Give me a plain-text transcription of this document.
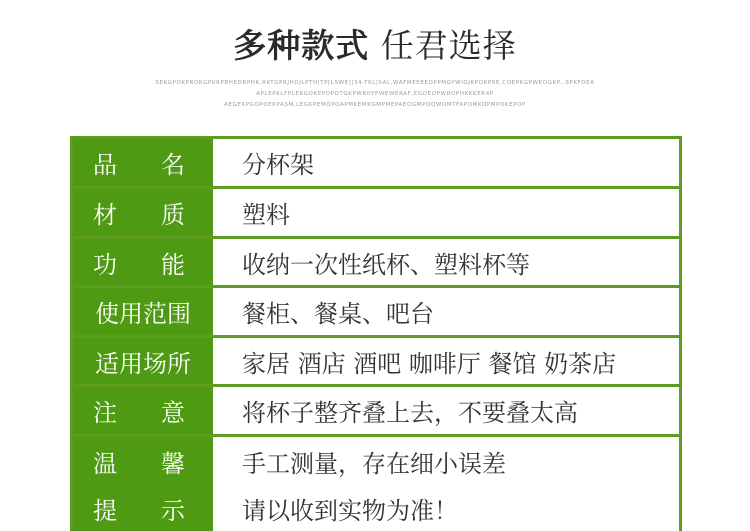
多种款式 任君选择
SEKGPOKPROKGPKRPBHEDRPHK,RKTGPRJHDJLPTH|TP[LSWE]|34-TKL|SAL,WAFMEEEEOPPMGYWIOJKPOKPSE,COEPKGPWEOGKP,,SPKFOEA
APLEPKLFPLEKGOKEPOPOTGKPWKOYPWEWERAF,EGOEOPWROPHKKKER4P
AEGEKPGOPOEKPASM,LEGKPEMOPOAPMKEMKGMPMEPAEOGMPOQWOMTFAPOMKOPMPOKEPOP
品 名	分杯架
材 质	塑料
功 能	收纳一次性纸杯、塑料杯等
使用范围	餐柜、餐桌、吧台
适用场所	家居 酒店 酒吧 咖啡厅 餐馆 奶茶店
注 意	将杯子整齐叠上去，不要叠太高
温 馨	手工测量，存在细小误差
提 示	请以收到实物为准！
